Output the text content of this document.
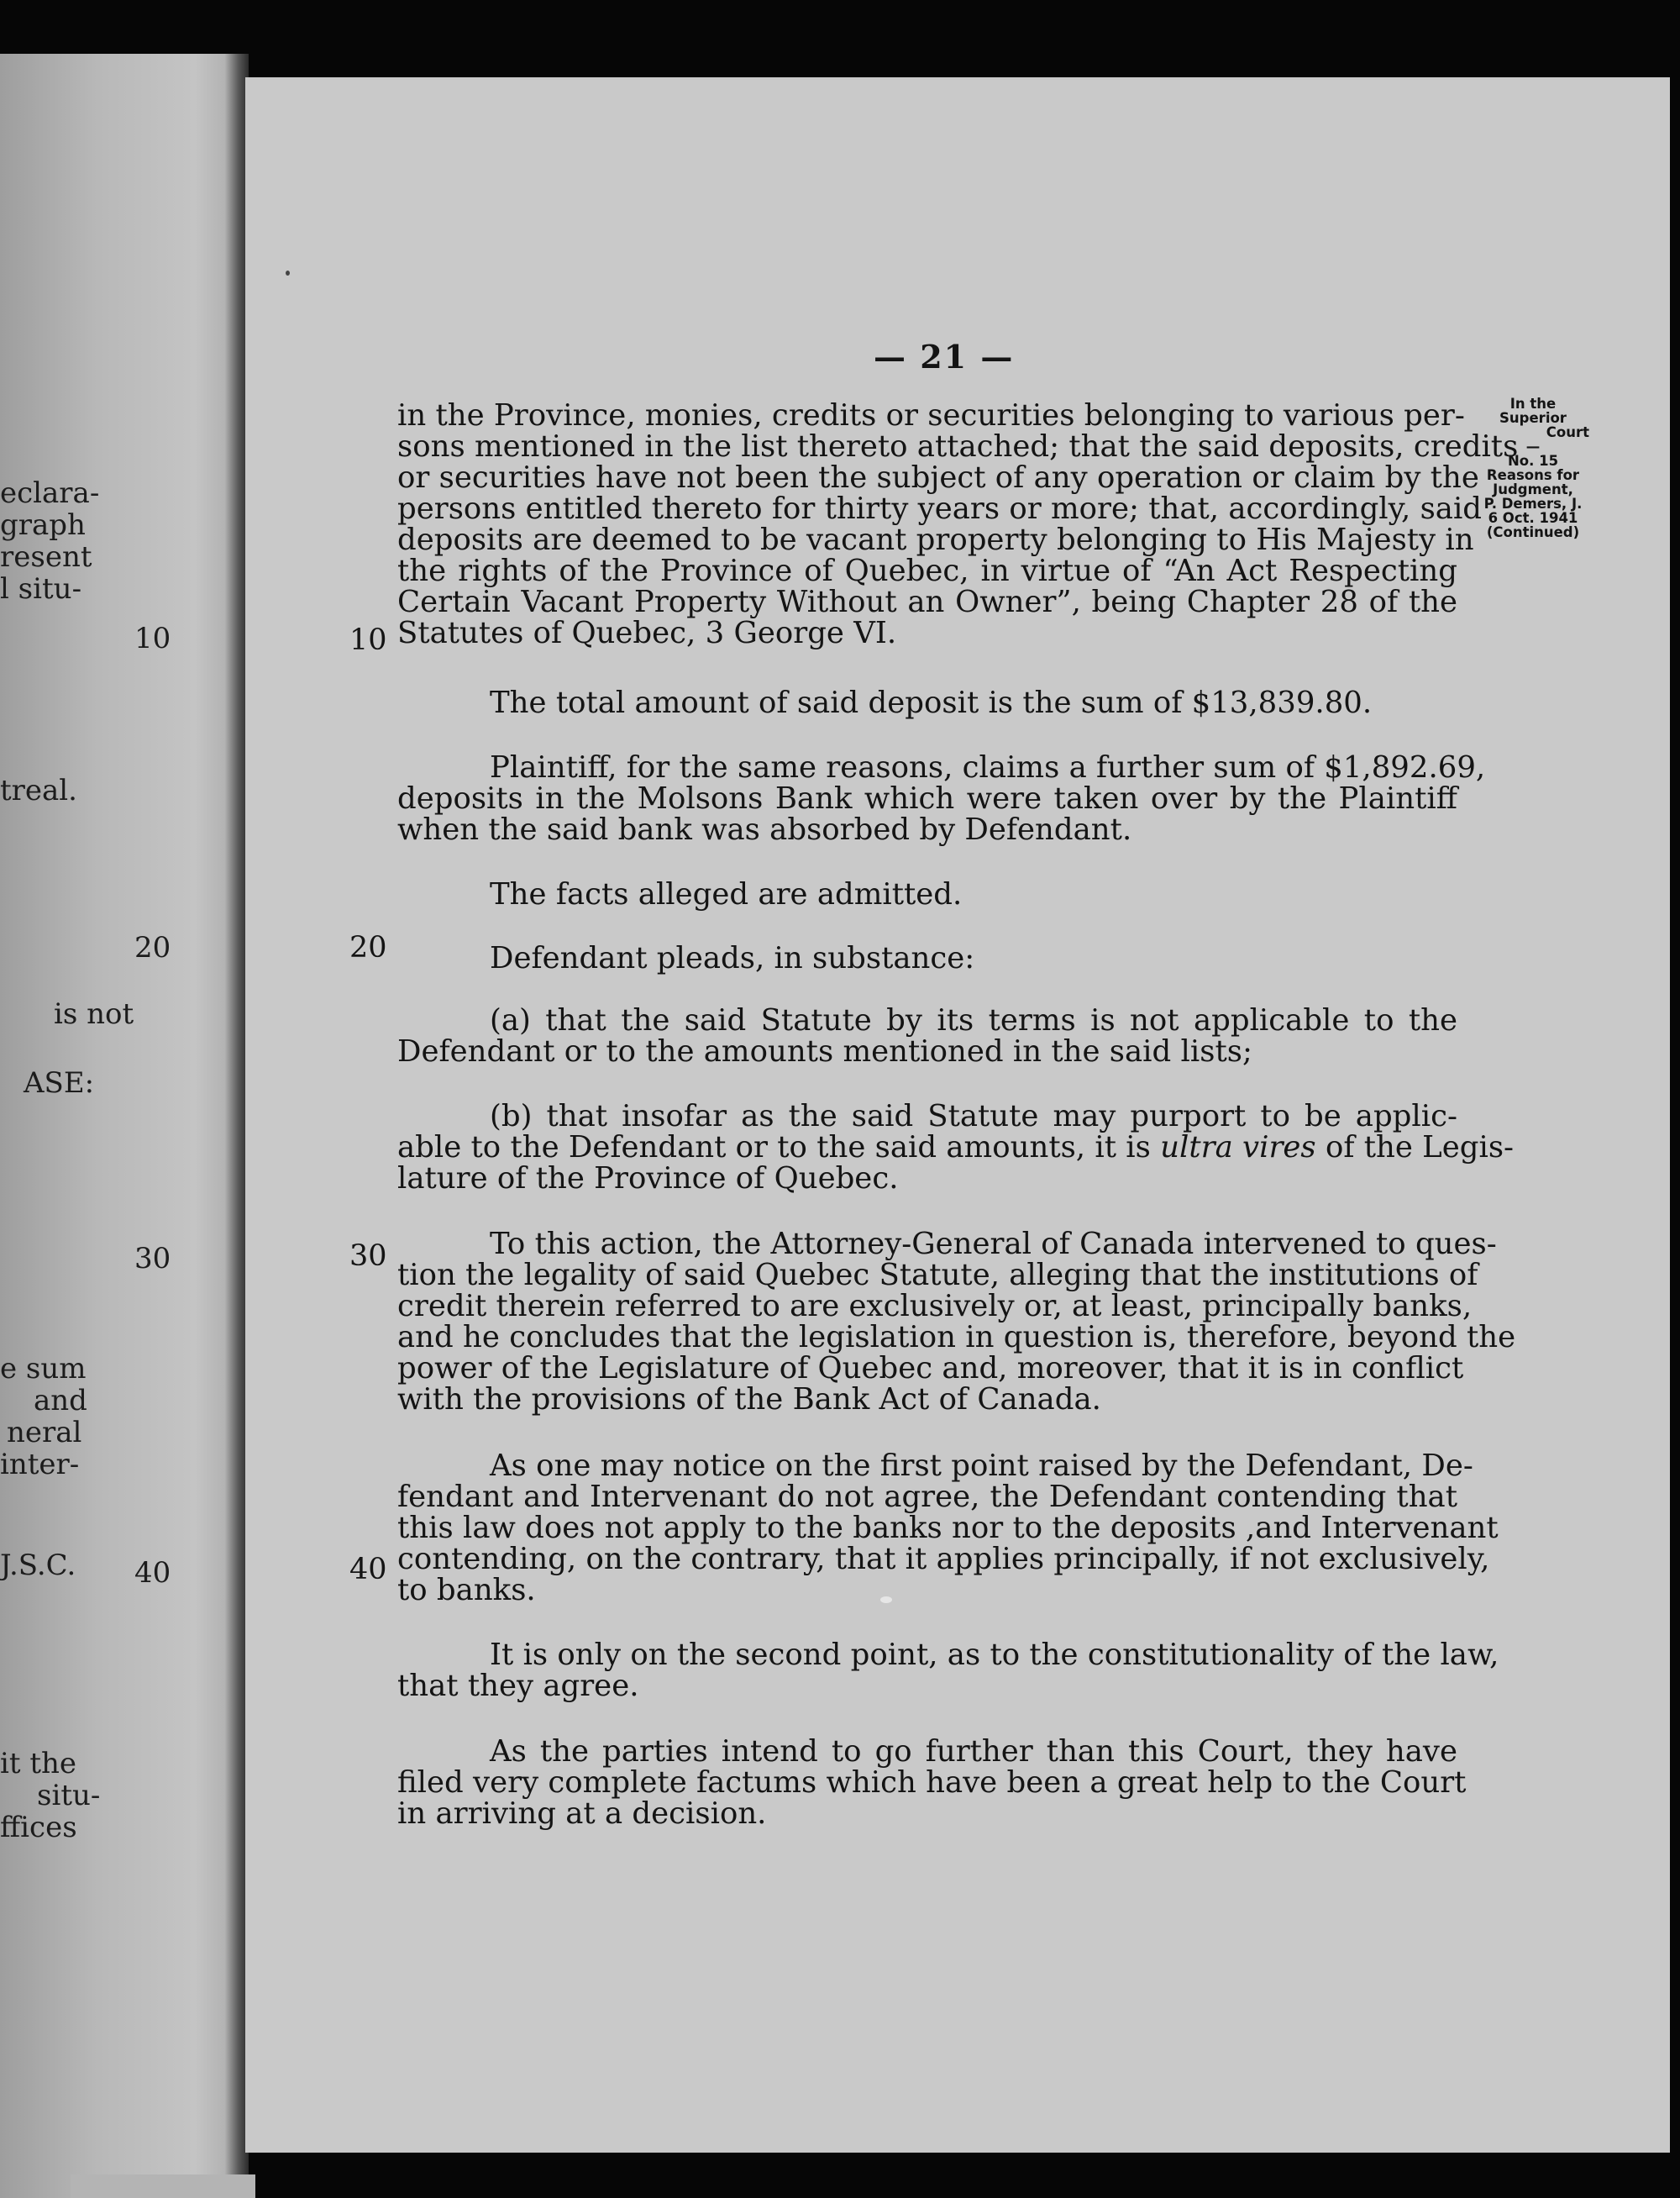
eclara-
graph
resent
l situ-
treal.
is not
ASE:
e sum
and
neral
inter-
J.S.C.
it the
situ-
ffices
10
20
30
40
— 21 —
In the
Superior
Court
—
No. 15
Reasons for
Judgment,
P. Demers, J.
6 Oct. 1941
(Continued)
10
20
30
40
in the Province, monies, credits or securities belonging to various per-
sons mentioned in the list thereto attached; that the said deposits, credits
or securities have not been the subject of any operation or claim by the
persons entitled thereto for thirty years or more; that, accordingly, said
deposits are deemed to be vacant property belonging to His Majesty in
the rights of the Province of Quebec, in virtue of “An Act Respecting
Certain Vacant Property Without an Owner”, being Chapter 28 of the
Statutes of Quebec, 3 George VI.
The total amount of said deposit is the sum of $13,839.80.
Plaintiff, for the same reasons, claims a further sum of $1,892.69,
deposits in the Molsons Bank which were taken over by the Plaintiff
when the said bank was absorbed by Defendant.
The facts alleged are admitted.
Defendant pleads, in substance:
(a) that the said Statute by its terms is not applicable to the
Defendant or to the amounts mentioned in the said lists;
(b) that insofar as the said Statute may purport to be applic-
able to the Defendant or to the said amounts, it is ultra vires of the Legis-
lature of the Province of Quebec.
To this action, the Attorney-General of Canada intervened to ques-
tion the legality of said Quebec Statute, alleging that the institutions of
credit therein referred to are exclusively or, at least, principally banks,
and he concludes that the legislation in question is, therefore, beyond the
power of the Legislature of Quebec and, moreover, that it is in conflict
with the provisions of the Bank Act of Canada.
As one may notice on the first point raised by the Defendant, De-
fendant and Intervenant do not agree, the Defendant contending that
this law does not apply to the banks nor to the deposits ,and Intervenant
contending, on the contrary, that it applies principally, if not exclusively,
to banks.
It is only on the second point, as to the constitutionality of the law,
that they agree.
As the parties intend to go further than this Court, they have
filed very complete factums which have been a great help to the Court
in arriving at a decision.
